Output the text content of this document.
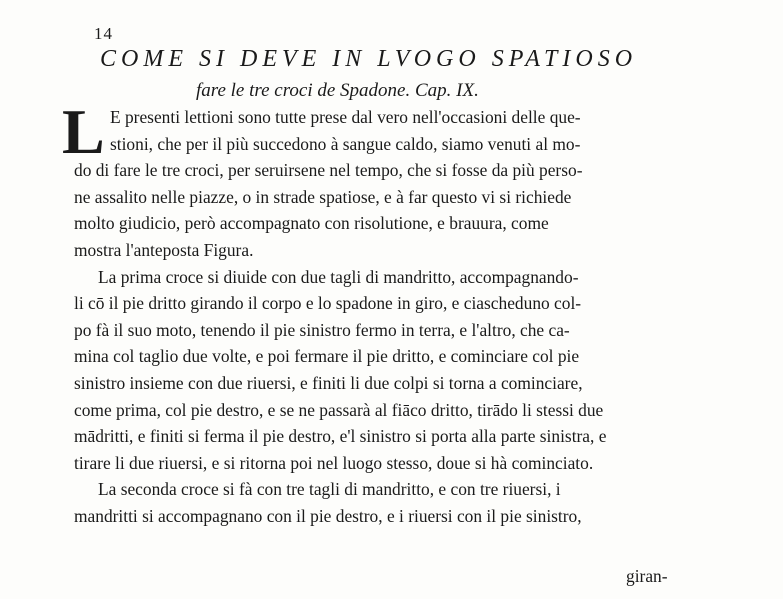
14
COME SI DEVE IN LVOGO SPATIOSO
fare le tre croci de Spadone. Cap. IX.
L E presenti lettioni sono tutte prese dal vero nell'occasioni delle que-
stioni, che per il più succedono à sangue caldo, siamo venuti al mo-
do di fare le tre croci, per seruirsene nel tempo, che si fosse da più perso-
ne assalito nelle piazze, o in strade spatiose, e à far questo vi si richiede
molto giudicio, però accompagnato con risolutione, e brauura, come
mostra l'anteposta Figura.
La prima croce si diuide con due tagli di mandritto, accompagnando-
li cō il pie dritto girando il corpo e lo spadone in giro, e ciascheduno col-
po fà il suo moto, tenendo il pie sinistro fermo in terra, e l'altro, che ca-
mina col taglio due volte, e poi fermare il pie dritto, e cominciare col pie
sinistro insieme con due riuersi, e finiti li due colpi si torna a cominciare,
come prima, col pie destro, e se ne passarà al fiāco dritto, tirādo li stessi due
mādritti, e finiti si ferma il pie destro, e'l sinistro si porta alla parte sinistra, e
tirare li due riuersi, e si ritorna poi nel luogo stesso, doue si hà cominciato.
La seconda croce si fà con tre tagli di mandritto, e con tre riuersi, i
mandritti si accompagnano con il pie destro, e i riuersi con il pie sinistro,
giran-
